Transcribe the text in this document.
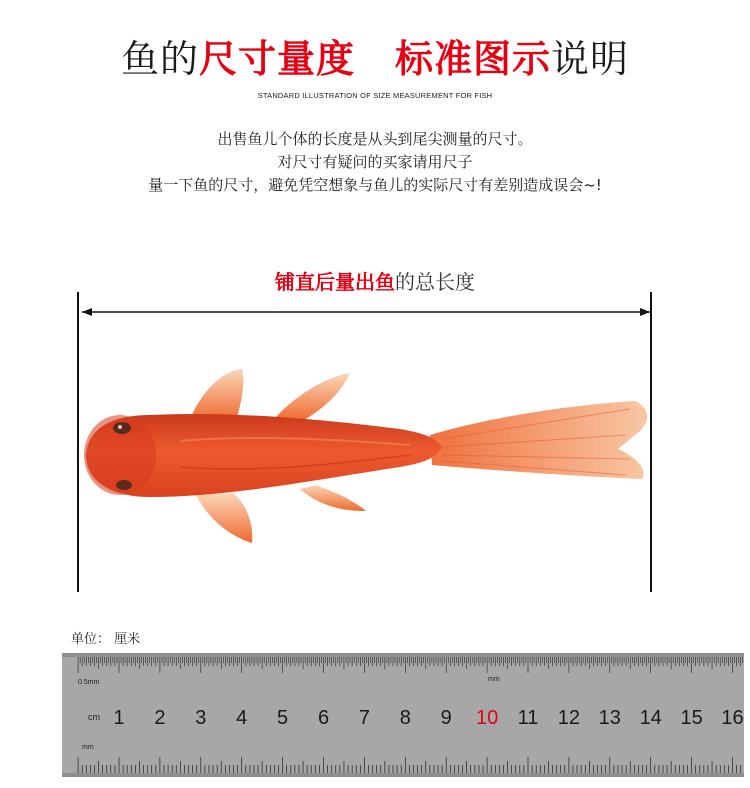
鱼的尺寸量度 标准图示说明
STANDARD ILLUSTRATION OF SIZE MEASUREMENT FOR FISH
出售鱼儿个体的长度是从头到尾尖测量的尺寸。
对尺寸有疑问的买家请用尺子
量一下鱼的尺寸，避免凭空想象与鱼儿的实际尺寸有差别造成误会~!
铺直后量出鱼的总长度
单位： 厘米
0.5mm	mm
cm
mm
1 2 3 4 5 6 7 8 9 10 11 12 13 14 15 16
